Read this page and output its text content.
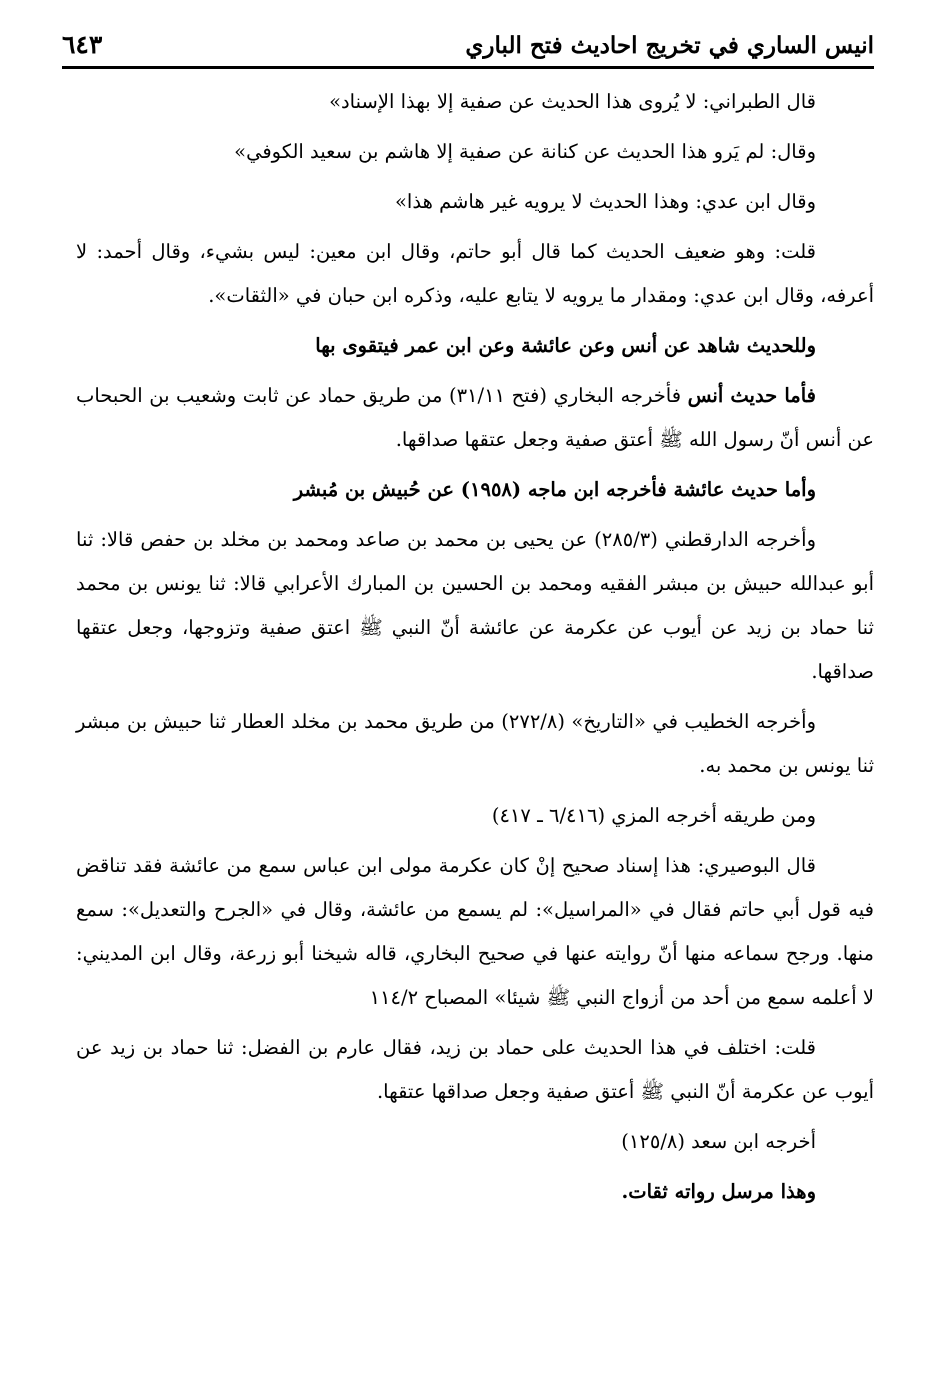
انيس الساري في تخريج احاديث فتح الباري
٦٤٣

قال الطبراني: لا يُروى هذا الحديث عن صفية إلا بهذا الإسناد»

وقال: لم يَرو هذا الحديث عن كنانة عن صفية إلا هاشم بن سعيد الكوفي»

وقال ابن عدي: وهذا الحديث لا يرويه غير هاشم هذا»

قلت: وهو ضعيف الحديث كما قال أبو حاتم، وقال ابن معين: ليس بشيء، وقال أحمد: لا أعرفه، وقال ابن عدي: ومقدار ما يرويه لا يتابع عليه، وذكره ابن حبان في «الثقات».

وللحديث شاهد عن أنس وعن عائشة وعن ابن عمر فيتقوى بها

فأما حديث أنس فأخرجه البخاري (فتح ٣١/١١) من طريق حماد عن ثابت وشعيب بن الحبحاب عن أنس أنّ رسول الله ﷺ أعتق صفية وجعل عتقها صداقها.

وأما حديث عائشة فأخرجه ابن ماجه (١٩٥٨) عن حُبيش بن مُبشر

وأخرجه الدارقطني (٢٨٥/٣) عن يحيى بن محمد بن صاعد ومحمد بن مخلد بن حفص قالا: ثنا أبو عبدالله حبيش بن مبشر الفقيه ومحمد بن الحسين بن المبارك الأعرابي قالا: ثنا يونس بن محمد ثنا حماد بن زيد عن أيوب عن عكرمة عن عائشة أنّ النبي ﷺ اعتق صفية وتزوجها، وجعل عتقها صداقها.

وأخرجه الخطيب في «التاريخ» (٢٧٢/٨) من طريق محمد بن مخلد العطار ثنا حبيش بن مبشر ثنا يونس بن محمد به.

ومن طريقه أخرجه المزي (٦/٤١٦ ـ ٤١٧)

قال البوصيري: هذا إسناد صحيح إنْ كان عكرمة مولى ابن عباس سمع من عائشة فقد تناقض فيه قول أبي حاتم فقال في «المراسيل»: لم يسمع من عائشة، وقال في «الجرح والتعديل»: سمع منها. ورجح سماعه منها أنّ روايته عنها في صحيح البخاري، قاله شيخنا أبو زرعة، وقال ابن المديني: لا أعلمه سمع من أحد من أزواج النبي ﷺ شيئا» المصباح ١١٤/٢

قلت: اختلف في هذا الحديث على حماد بن زيد، فقال عارم بن الفضل: ثنا حماد بن زيد عن أيوب عن عكرمة أنّ النبي ﷺ أعتق صفية وجعل صداقها عتقها.

أخرجه ابن سعد (١٢٥/٨)

وهذا مرسل رواته ثقات.
